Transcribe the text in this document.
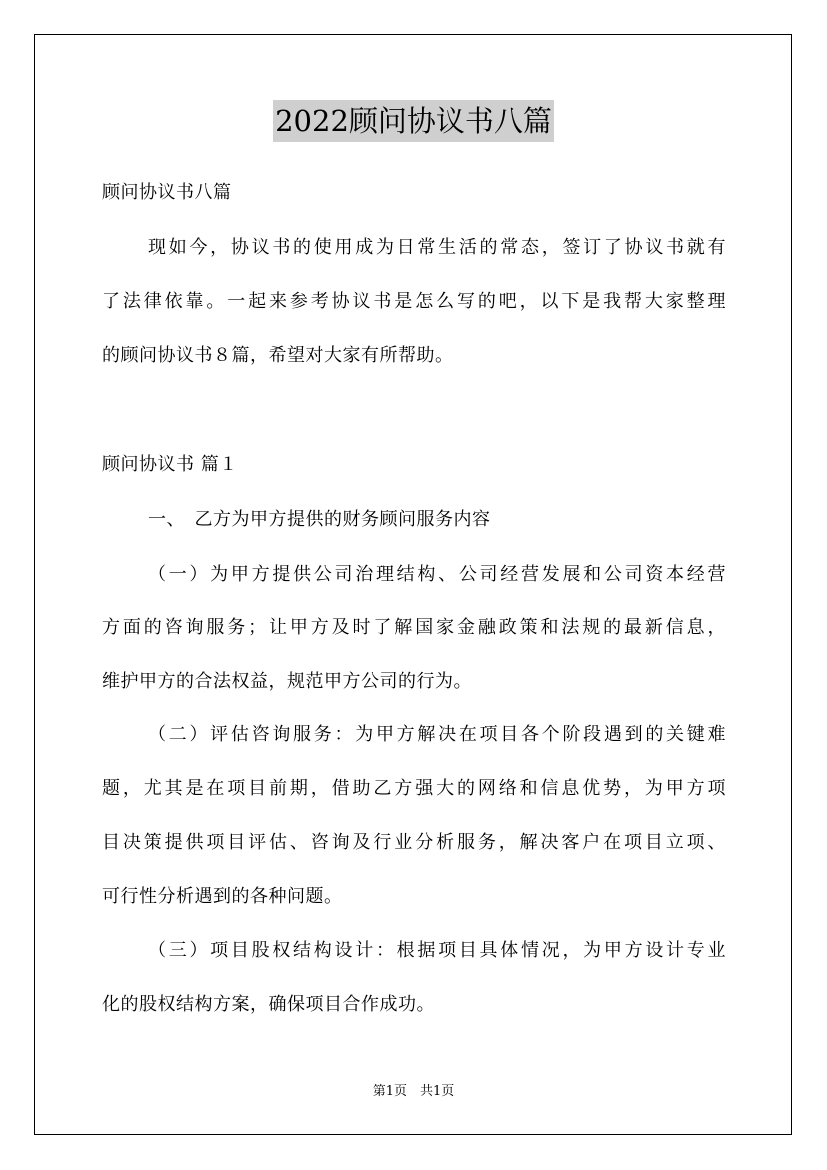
2022顾问协议书八篇
顾问协议书八篇
现如今，协议书的使用成为日常生活的常态，签订了协议书就有
了法律依靠。一起来参考协议书是怎么写的吧，以下是我帮大家整理
的顾问协议书８篇，希望对大家有所帮助。
顾问协议书 篇１
一、　乙方为甲方提供的财务顾问服务内容
（一）为甲方提供公司治理结构、公司经营发展和公司资本经营
方面的咨询服务；让甲方及时了解国家金融政策和法规的最新信息，
维护甲方的合法权益，规范甲方公司的行为。
（二）评估咨询服务：为甲方解决在项目各个阶段遇到的关键难
题，尤其是在项目前期，借助乙方强大的网络和信息优势，为甲方项
目决策提供项目评估、咨询及行业分析服务，解决客户在项目立项、
可行性分析遇到的各种问题。
（三）项目股权结构设计：根据项目具体情况，为甲方设计专业
化的股权结构方案，确保项目合作成功。
第1页　共1页
